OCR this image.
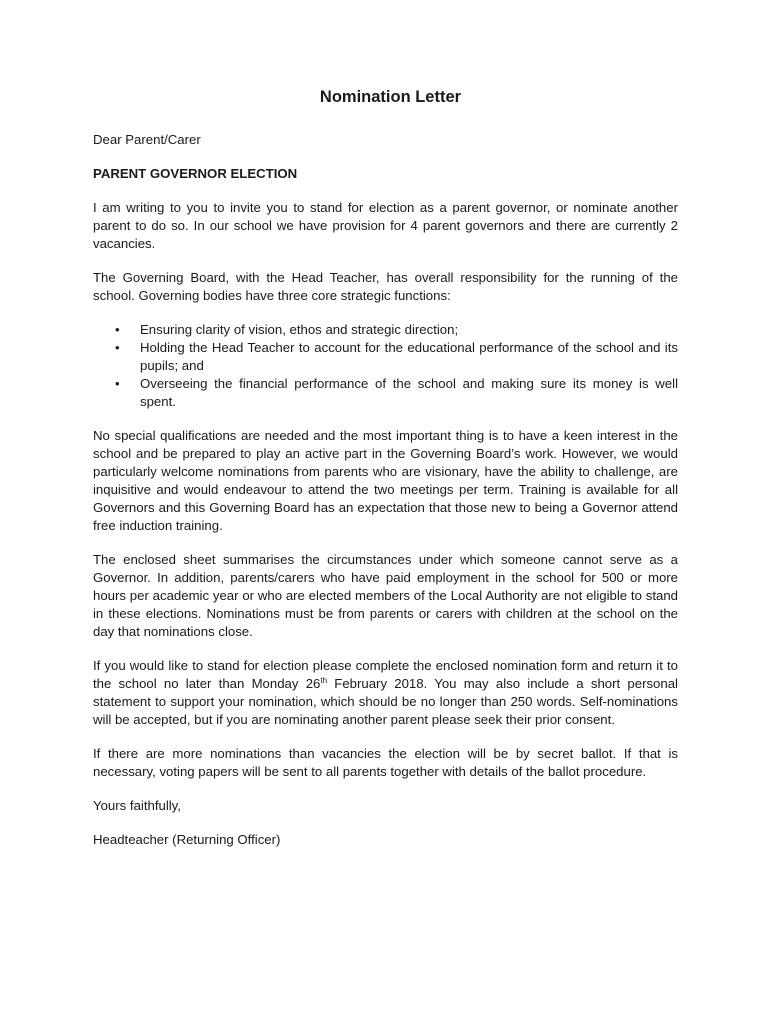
Nomination Letter

Dear Parent/Carer

PARENT GOVERNOR ELECTION

I am writing to you to invite you to stand for election as a parent governor, or nominate another parent to do so. In our school we have provision for 4 parent governors and there are currently 2 vacancies.

The Governing Board, with the Head Teacher, has overall responsibility for the running of the school. Governing bodies have three core strategic functions:

• Ensuring clarity of vision, ethos and strategic direction;
• Holding the Head Teacher to account for the educational performance of the school and its pupils; and
• Overseeing the financial performance of the school and making sure its money is well spent.

No special qualifications are needed and the most important thing is to have a keen interest in the school and be prepared to play an active part in the Governing Board’s work. However, we would particularly welcome nominations from parents who are visionary, have the ability to challenge, are inquisitive and would endeavour to attend the two meetings per term. Training is available for all Governors and this Governing Board has an expectation that those new to being a Governor attend free induction training.

The enclosed sheet summarises the circumstances under which someone cannot serve as a Governor. In addition, parents/carers who have paid employment in the school for 500 or more hours per academic year or who are elected members of the Local Authority are not eligible to stand in these elections. Nominations must be from parents or carers with children at the school on the day that nominations close.

If you would like to stand for election please complete the enclosed nomination form and return it to the school no later than Monday 26th February 2018. You may also include a short personal statement to support your nomination, which should be no longer than 250 words. Self-nominations will be accepted, but if you are nominating another parent please seek their prior consent.

If there are more nominations than vacancies the election will be by secret ballot. If that is necessary, voting papers will be sent to all parents together with details of the ballot procedure.

Yours faithfully,

Headteacher (Returning Officer)
